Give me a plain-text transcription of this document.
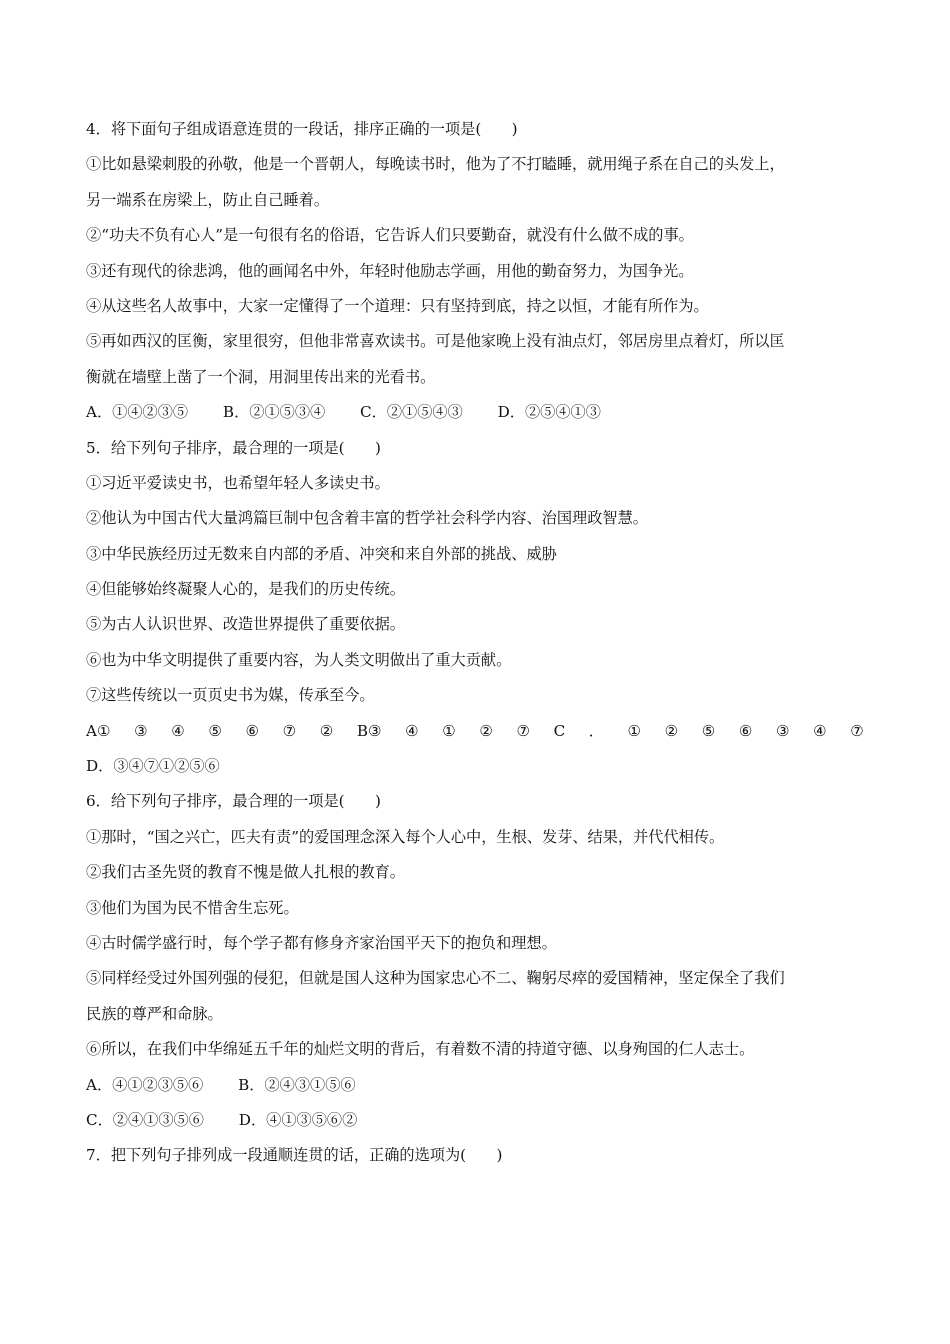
4．将下面句子组成语意连贯的一段话，排序正确的一项是(　　)
①比如悬梁刺股的孙敬，他是一个晋朝人，每晚读书时，他为了不打瞌睡，就用绳子系在自己的头发上，
另一端系在房梁上，防止自己睡着。
②“功夫不负有心人”是一句很有名的俗语，它告诉人们只要勤奋，就没有什么做不成的事。
③还有现代的徐悲鸿，他的画闻名中外，年轻时他励志学画，用他的勤奋努力，为国争光。
④从这些名人故事中，大家一定懂得了一个道理：只有坚持到底，持之以恒，才能有所作为。
⑤再如西汉的匡衡，家里很穷，但他非常喜欢读书。可是他家晚上没有油点灯，邻居房里点着灯，所以匡
衡就在墙壁上凿了一个洞，用洞里传出来的光看书。
A．①④②③⑤ B．②①⑤③④ C．②①⑤④③ D．②⑤④①③
5．给下列句子排序，最合理的一项是(　　)
①习近平爱读史书，也希望年轻人多读史书。
②他认为中国古代大量鸿篇巨制中包含着丰富的哲学社会科学内容、治国理政智慧。
③中华民族经历过无数来自内部的矛盾、冲突和来自外部的挑战、威胁
④但能够始终凝聚人心的，是我们的历史传统。
⑤为古人认识世界、改造世界提供了重要依据。
⑥也为中华文明提供了重要内容，为人类文明做出了重大贡献。
⑦这些传统以一页页史书为媒，传承至今。
A① ③ ④ ⑤ ⑥ ⑦ ② B③ ④ ① ② ⑦ C ． ① ② ⑤ ⑥ ③ ④ ⑦
D．③④⑦①②⑤⑥
6．给下列句子排序，最合理的一项是(　　)
①那时，“国之兴亡，匹夫有责”的爱国理念深入每个人心中，生根、发芽、结果，并代代相传。
②我们古圣先贤的教育不愧是做人扎根的教育。
③他们为国为民不惜舍生忘死。
④古时儒学盛行时，每个学子都有修身齐家治国平天下的抱负和理想。
⑤同样经受过外国列强的侵犯，但就是国人这种为国家忠心不二、鞠躬尽瘁的爱国精神，坚定保全了我们
民族的尊严和命脉。
⑥所以，在我们中华绵延五千年的灿烂文明的背后，有着数不清的持道守德、以身殉国的仁人志士。
A．④①②③⑤⑥ B．②④③①⑤⑥
C．②④①③⑤⑥ D．④①③⑤⑥②
7．把下列句子排列成一段通顺连贯的话，正确的选项为(　　)
